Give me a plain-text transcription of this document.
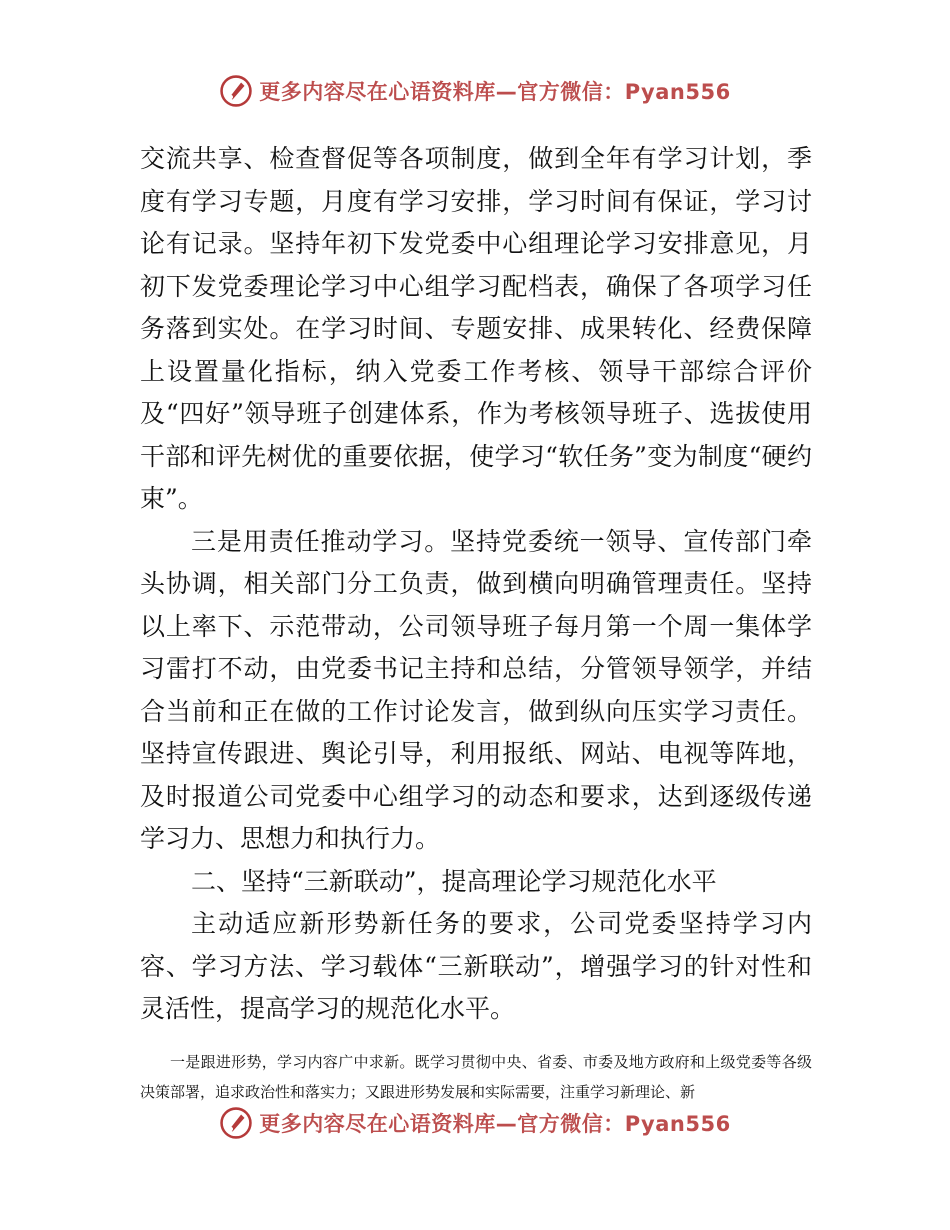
更多内容尽在心语资料库—官方微信：Pyan556

交流共享、检查督促等各项制度，做到全年有学习计划，季度有学习专题，月度有学习安排，学习时间有保证，学习讨论有记录。坚持年初下发党委中心组理论学习安排意见，月初下发党委理论学习中心组学习配档表，确保了各项学习任务落到实处。在学习时间、专题安排、成果转化、经费保障上设置量化指标，纳入党委工作考核、领导干部综合评价及“四好”领导班子创建体系，作为考核领导班子、选拔使用干部和评先树优的重要依据，使学习“软任务”变为制度“硬约束”。

三是用责任推动学习。坚持党委统一领导、宣传部门牵头协调，相关部门分工负责，做到横向明确管理责任。坚持以上率下、示范带动，公司领导班子每月第一个周一集体学习雷打不动，由党委书记主持和总结，分管领导领学，并结合当前和正在做的工作讨论发言，做到纵向压实学习责任。坚持宣传跟进、舆论引导，利用报纸、网站、电视等阵地，及时报道公司党委中心组学习的动态和要求，达到逐级传递学习力、思想力和执行力。

二、坚持“三新联动”，提高理论学习规范化水平

主动适应新形势新任务的要求，公司党委坚持学习内容、学习方法、学习载体“三新联动”，增强学习的针对性和灵活性，提高学习的规范化水平。

一是跟进形势，学习内容广中求新。既学习贯彻中央、省委、市委及地方政府和上级党委等各级决策部署，追求政治性和落实力；又跟进形势发展和实际需要，注重学习新理论、新

更多内容尽在心语资料库—官方微信：Pyan556
